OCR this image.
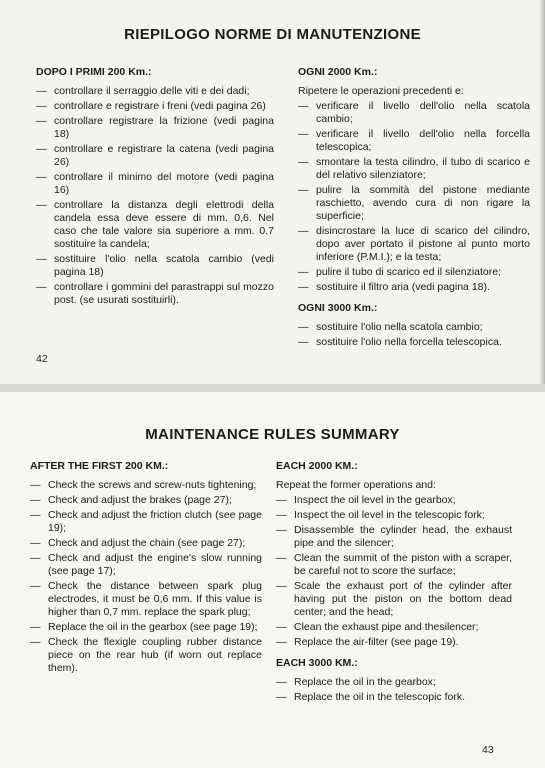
RIEPILOGO NORME DI MANUTENZIONE
DOPO I PRIMI 200 Km.:
— controllare il serraggio delle viti e dei dadi;
— controllare e registrare i freni (vedi pagina 26)
— controllare registrare la frizione (vedi pagina 18)
— controllare e registrare la catena (vedi pagina 26)
— controllare il minimo del motore (vedi pagina 16)
— controllare la distanza degli elettrodi della candela essa deve essere di mm. 0,6. Nel caso che tale valore sia superiore a mm. 0.7 sostituire la candela;
— sostituire l'olio nella scatola cambio (vedi pagina 18)
— controllare i gommini del parastrappi sul mozzo post. (se usurati sostituirli).
OGNI 2000 Km.:
Ripetere le operazioni precedenti e:
— verificare il livello dell'olio nella scatola cambio;
— verificare il livello dell'olio nella forcella telescopica;
— smontare la testa cilindro, il tubo di scarico e del relativo silenziatore;
— pulire la sommità del pistone mediante raschietto, avendo cura di non rigare la superficie;
— disincrostare la luce di scarico del cilindro, dopo aver portato il pistone al punto morto inferiore (P.M.I.); e la testa;
— pulire il tubo di scarico ed il silenziatore;
— sostituire il filtro aria (vedi pagina 18).
OGNI 3000 Km.:
— sostituire l'olio nella scatola cambio;
— sostituire l'olio nella forcella telescopica.
42
MAINTENANCE RULES SUMMARY
AFTER THE FIRST 200 KM.:
— Check the screws and screw-nuts tightening;
— Check and adjust the brakes (page 27);
— Check and adjust the friction clutch (see page 19);
— Check and adjust the chain (see page 27);
— Check and adjust the engine's slow running (see page 17);
— Check the distance between spark plug electrodes, it must be 0,6 mm. If this value is higher than 0,7 mm. replace the spark plug;
— Replace the oil in the gearbox (see page 19);
— Check the flexigle coupling rubber distance piece on the rear hub (if worn out replace them).
EACH 2000 KM.:
Repeat the former operations and:
— Inspect the oil level in the gearbox;
— Inspect the oil level in the telescopic fork;
— Disassemble the cylinder head, the exhaust pipe and the silencer;
— Clean the summit of the piston with a scraper, be careful not to score the surface;
— Scale the exhaust port of the cylinder after having put the piston on the bottom dead center; and the head;
— Clean the exhaust pipe and thesilencer;
— Replace the air-filter (see page 19).
EACH 3000 KM.:
— Replace the oil in the gearbox;
— Replace the oil in the telescopic fork.
43
